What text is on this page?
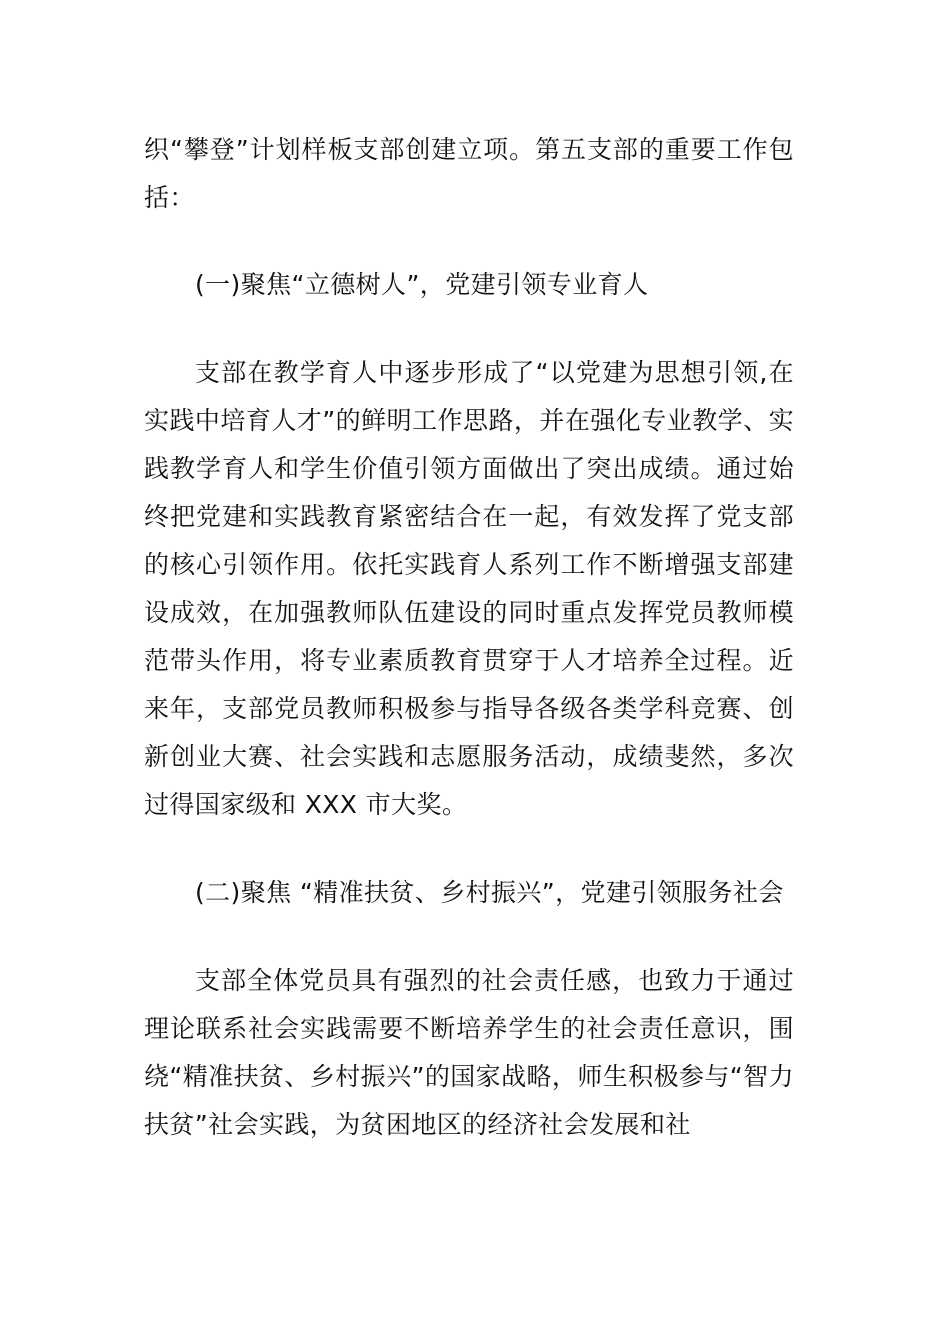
织“攀登”计划样板支部创建立项。第五支部的重要工作包括：

(一)聚焦“立德树人”，党建引领专业育人

支部在教学育人中逐步形成了“以党建为思想引领,在实践中培育人才”的鲜明工作思路，并在强化专业教学、实践教学育人和学生价值引领方面做出了突出成绩。通过始终把党建和实践教育紧密结合在一起，有效发挥了党支部的核心引领作用。依托实践育人系列工作不断增强支部建设成效，在加强教师队伍建设的同时重点发挥党员教师模范带头作用，将专业素质教育贯穿于人才培养全过程。近来年，支部党员教师积极参与指导各级各类学科竞赛、创新创业大赛、社会实践和志愿服务活动，成绩斐然，多次过得国家级和 XXX 市大奖。

(二)聚焦 “精准扶贫、乡村振兴”，党建引领服务社会

支部全体党员具有强烈的社会责任感，也致力于通过理论联系社会实践需要不断培养学生的社会责任意识，围绕“精准扶贫、乡村振兴”的国家战略，师生积极参与“智力扶贫”社会实践，为贫困地区的经济社会发展和社
